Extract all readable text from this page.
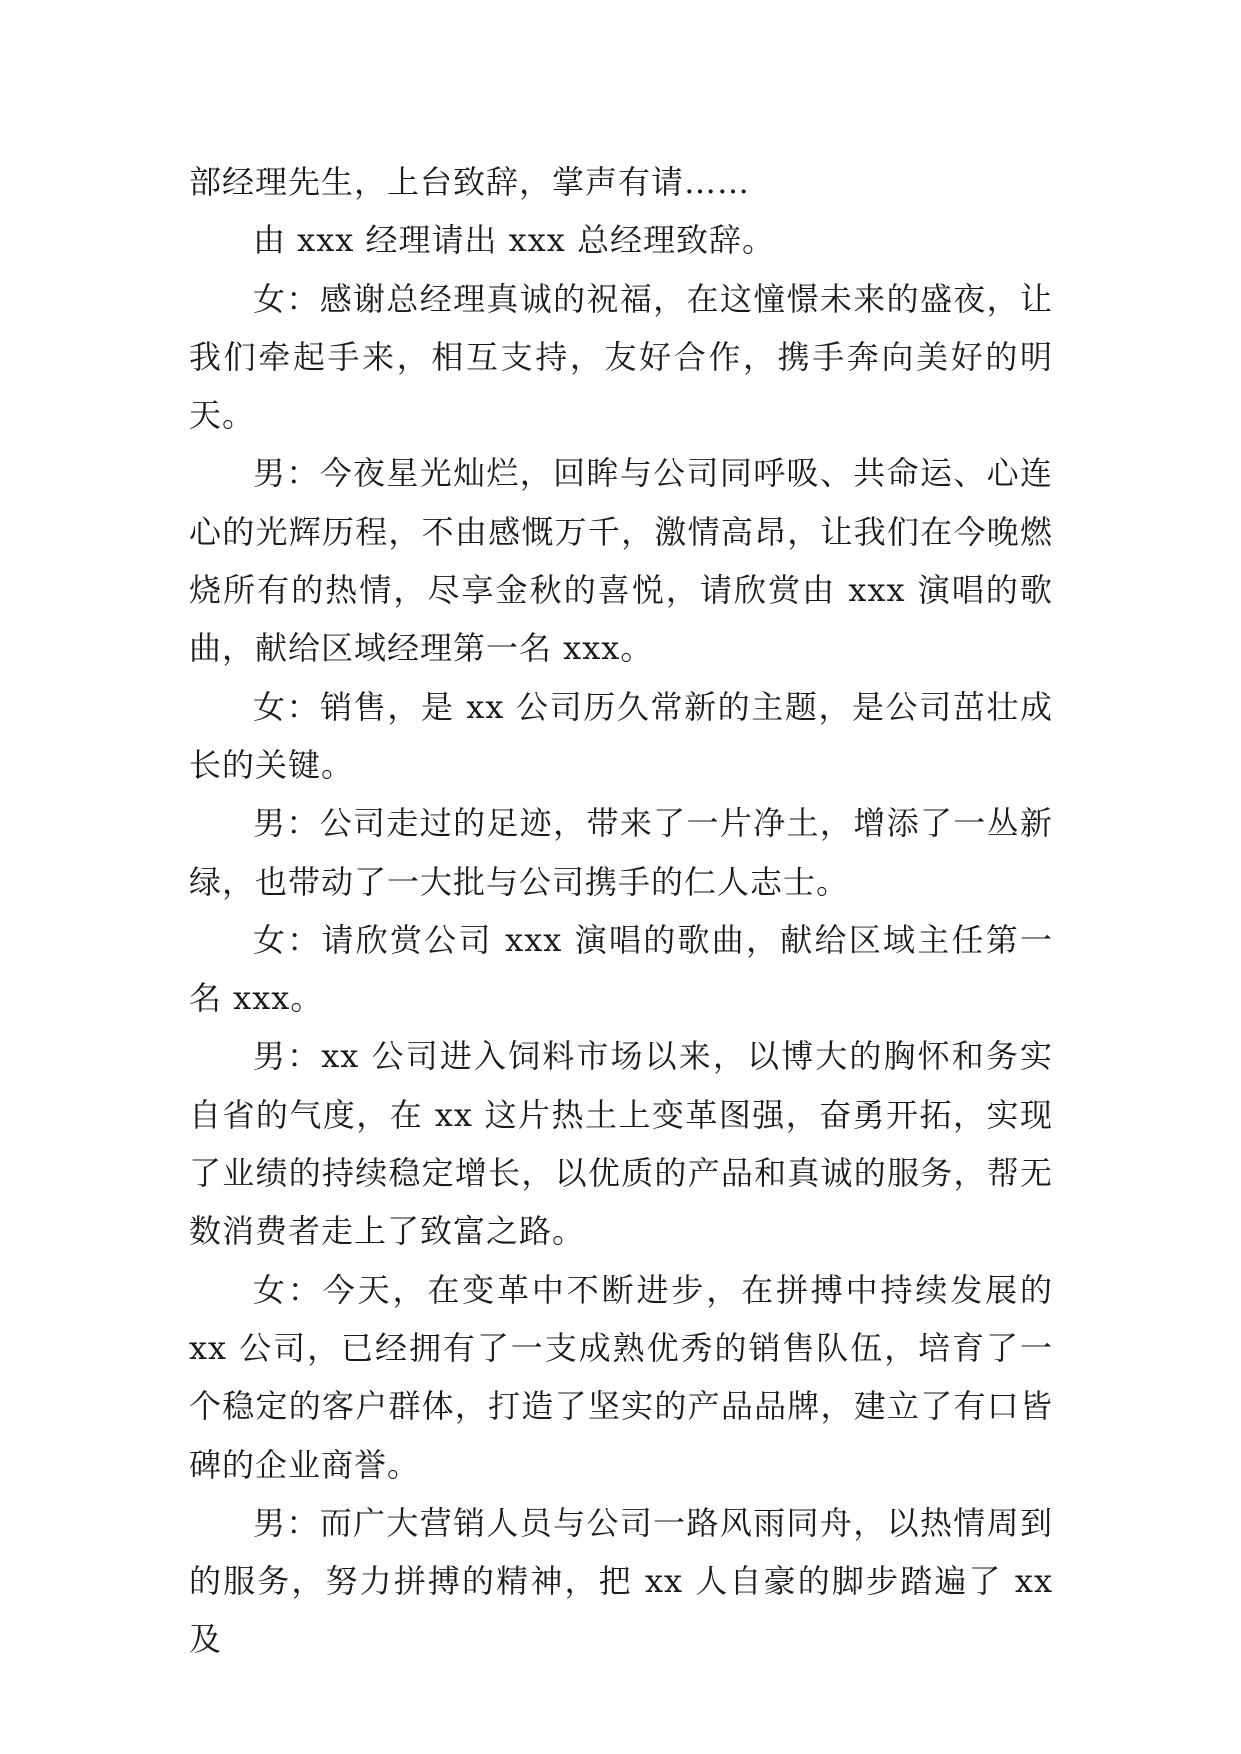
部经理先生，上台致辞，掌声有请……

由 xxx 经理请出 xxx 总经理致辞。

女：感谢总经理真诚的祝福，在这憧憬未来的盛夜，让我们牵起手来，相互支持，友好合作，携手奔向美好的明天。

男：今夜星光灿烂，回眸与公司同呼吸、共命运、心连心的光辉历程，不由感慨万千，激情高昂，让我们在今晚燃烧所有的热情，尽享金秋的喜悦，请欣赏由 xxx 演唱的歌曲，献给区域经理第一名 xxx。

女：销售，是 xx 公司历久常新的主题，是公司茁壮成长的关键。

男：公司走过的足迹，带来了一片净土，增添了一丛新绿，也带动了一大批与公司携手的仁人志士。

女：请欣赏公司 xxx 演唱的歌曲，献给区域主任第一名 xxx。

男：xx 公司进入饲料市场以来，以博大的胸怀和务实自省的气度，在 xx 这片热土上变革图强，奋勇开拓，实现了业绩的持续稳定增长，以优质的产品和真诚的服务，帮无数消费者走上了致富之路。

女：今天，在变革中不断进步，在拼搏中持续发展的 xx 公司，已经拥有了一支成熟优秀的销售队伍，培育了一个稳定的客户群体，打造了坚实的产品品牌，建立了有口皆碑的企业商誉。

男：而广大营销人员与公司一路风雨同舟，以热情周到的服务，努力拼搏的精神，把 xx 人自豪的脚步踏遍了 xx 及
